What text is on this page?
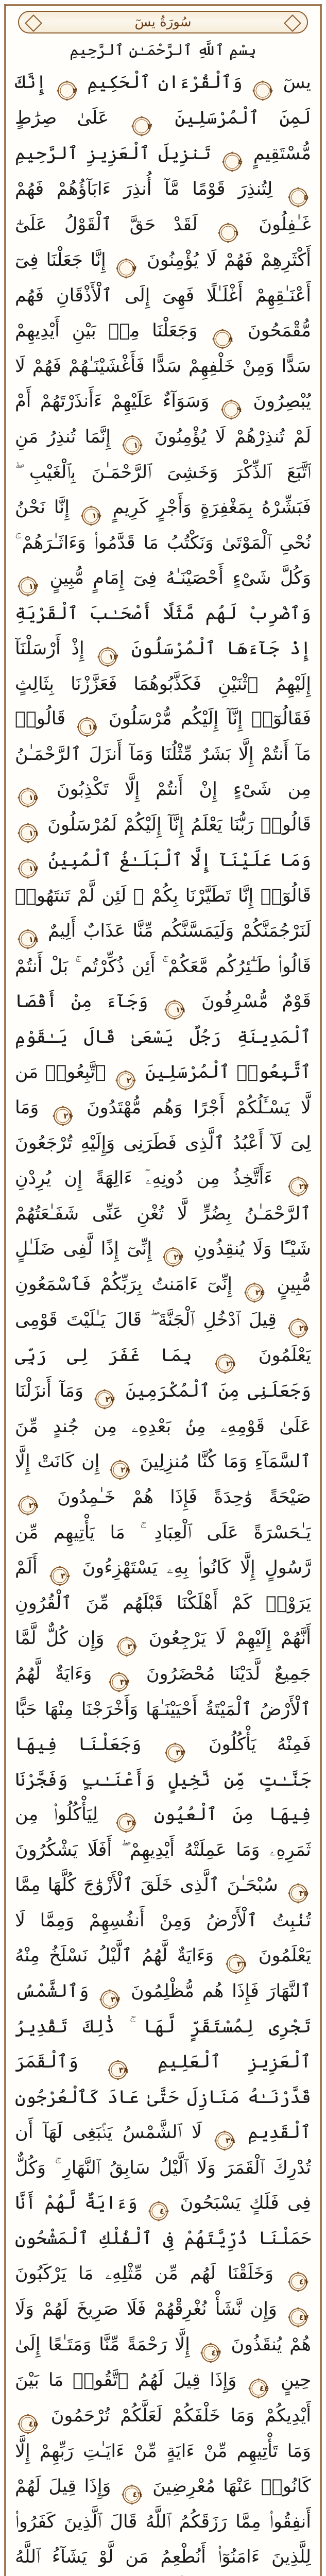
سُورَةُ يسٓ
بِسْمِ ٱللَّهِ ٱلرَّحْمَـٰنِ ٱلرَّحِيمِ
يسٓ
١ وَٱلْقُرْءَانِ ٱلْحَكِيمِ
٢ إِنَّكَ لَمِنَ ٱلْمُرْسَلِينَ
٣ عَلَىٰ صِرَٰطٍ مُّسْتَقِيمٍ
٤ تَنزِيلَ ٱلْعَزِيزِ ٱلرَّحِيمِ
٥ لِتُنذِرَ قَوْمًا مَّآ أُنذِرَ ءَابَآؤُهُمْ فَهُمْ غَـٰفِلُونَ
٦ لَقَدْ حَقَّ ٱلْقَوْلُ عَلَىٰٓ أَكْثَرِهِمْ فَهُمْ لَا يُؤْمِنُونَ
٧ إِنَّا جَعَلْنَا فِىٓ أَعْنَـٰقِهِمْ أَغْلَـٰلًا فَهِىَ إِلَى ٱلْأَذْقَانِ فَهُم مُّقْمَحُونَ
٨ وَجَعَلْنَا مِنۢ بَيْنِ أَيْدِيهِمْ سَدًّا وَمِنْ خَلْفِهِمْ سَدًّا فَأَغْشَيْنَـٰهُمْ فَهُمْ لَا يُبْصِرُونَ
٩ وَسَوَآءٌ عَلَيْهِمْ ءَأَنذَرْتَهُمْ أَمْ لَمْ تُنذِرْهُمْ لَا يُؤْمِنُونَ
١٠ إِنَّمَا تُنذِرُ مَنِ ٱتَّبَعَ ٱلذِّكْرَ وَخَشِىَ ٱلرَّحْمَـٰنَ بِٱلْغَيْبِ ۖ فَبَشِّرْهُ بِمَغْفِرَةٍ وَأَجْرٍ كَرِيمٍ
١١ إِنَّا نَحْنُ نُحْىِ ٱلْمَوْتَىٰ وَنَكْتُبُ مَا قَدَّمُوا۟ وَءَاثَـٰرَهُمْ ۚ وَكُلَّ شَىْءٍ أَحْصَيْنَـٰهُ فِىٓ إِمَامٍ مُّبِينٍ
١٢ وَٱضْرِبْ لَهُم مَّثَلًا أَصْحَـٰبَ ٱلْقَرْيَةِ إِذْ جَآءَهَا ٱلْمُرْسَلُونَ
١٣ إِذْ أَرْسَلْنَآ إِلَيْهِمُ ٱثْنَيْنِ فَكَذَّبُوهُمَا فَعَزَّزْنَا بِثَالِثٍ فَقَالُوٓا۟ إِنَّآ إِلَيْكُم مُّرْسَلُونَ
١٤ قَالُوا۟ مَآ أَنتُمْ إِلَّا بَشَرٌ مِّثْلُنَا وَمَآ أَنزَلَ ٱلرَّحْمَـٰنُ مِن شَىْءٍ إِنْ أَنتُمْ إِلَّا تَكْذِبُونَ
١٥ قَالُوا۟ رَبُّنَا يَعْلَمُ إِنَّآ إِلَيْكُمْ لَمُرْسَلُونَ
١٦ وَمَا عَلَيْنَآ إِلَّا ٱلْبَلَـٰغُ ٱلْمُبِينُ
١٧ قَالُوٓا۟ إِنَّا تَطَيَّرْنَا بِكُمْ ۖ لَئِن لَّمْ تَنتَهُوا۟ لَنَرْجُمَنَّكُمْ وَلَيَمَسَّنَّكُم مِّنَّا عَذَابٌ أَلِيمٌ
١٨ قَالُوا۟ طَـٰٓئِرُكُم مَّعَكُمْ ۚ أَئِن ذُكِّرْتُم ۚ بَلْ أَنتُمْ قَوْمٌ مُّسْرِفُونَ
١٩ وَجَآءَ مِنْ أَقْصَا ٱلْمَدِينَةِ رَجُلٌ يَسْعَىٰ قَالَ يَـٰقَوْمِ ٱتَّبِعُوا۟ ٱلْمُرْسَلِينَ
٢٠ ٱتَّبِعُوا۟ مَن لَّا يَسْـَٔلُكُمْ أَجْرًا وَهُم مُّهْتَدُونَ
٢١ وَمَا لِىَ لَآ أَعْبُدُ ٱلَّذِى فَطَرَنِى وَإِلَيْهِ تُرْجَعُونَ
٢٢ ءَأَتَّخِذُ مِن دُونِهِۦٓ ءَالِهَةً إِن يُرِدْنِ ٱلرَّحْمَـٰنُ بِضُرٍّ لَّا تُغْنِ عَنِّى شَفَـٰعَتُهُمْ شَيْـًٔا وَلَا يُنقِذُونِ
٢٣ إِنِّىٓ إِذًا لَّفِى ضَلَـٰلٍ مُّبِينٍ
٢٤ إِنِّىٓ ءَامَنتُ بِرَبِّكُمْ فَٱسْمَعُونِ
٢٥ قِيلَ ٱدْخُلِ ٱلْجَنَّةَ ۖ قَالَ يَـٰلَيْتَ قَوْمِى يَعْلَمُونَ
٢٦ بِمَا غَفَرَ لِى رَبِّى وَجَعَلَنِى مِنَ ٱلْمُكْرَمِينَ
٢٧ وَمَآ أَنزَلْنَا عَلَىٰ قَوْمِهِۦ مِنۢ بَعْدِهِۦ مِن جُندٍ مِّنَ ٱلسَّمَآءِ وَمَا كُنَّا مُنزِلِينَ
٢٨ إِن كَانَتْ إِلَّا صَيْحَةً وَٰحِدَةً فَإِذَا هُمْ خَـٰمِدُونَ
٢٩ يَـٰحَسْرَةً عَلَى ٱلْعِبَادِ ۚ مَا يَأْتِيهِم مِّن رَّسُولٍ إِلَّا كَانُوا۟ بِهِۦ يَسْتَهْزِءُونَ
٣٠ أَلَمْ يَرَوْا۟ كَمْ أَهْلَكْنَا قَبْلَهُم مِّنَ ٱلْقُرُونِ أَنَّهُمْ إِلَيْهِمْ لَا يَرْجِعُونَ
٣١ وَإِن كُلٌّ لَّمَّا جَمِيعٌ لَّدَيْنَا مُحْضَرُونَ
٣٢ وَءَايَةٌ لَّهُمُ ٱلْأَرْضُ ٱلْمَيْتَةُ أَحْيَيْنَـٰهَا وَأَخْرَجْنَا مِنْهَا حَبًّا فَمِنْهُ يَأْكُلُونَ
٣٣ وَجَعَلْنَا فِيهَا جَنَّـٰتٍ مِّن نَّخِيلٍ وَأَعْنَـٰبٍ وَفَجَّرْنَا فِيهَا مِنَ ٱلْعُيُونِ
٣٤ لِيَأْكُلُوا۟ مِن ثَمَرِهِۦ وَمَا عَمِلَتْهُ أَيْدِيهِمْ ۖ أَفَلَا يَشْكُرُونَ
٣٥ سُبْحَـٰنَ ٱلَّذِى خَلَقَ ٱلْأَزْوَٰجَ كُلَّهَا مِمَّا تُنۢبِتُ ٱلْأَرْضُ وَمِنْ أَنفُسِهِمْ وَمِمَّا لَا يَعْلَمُونَ
٣٦ وَءَايَةٌ لَّهُمُ ٱلَّيْلُ نَسْلَخُ مِنْهُ ٱلنَّهَارَ فَإِذَا هُم مُّظْلِمُونَ
٣٧ وَٱلشَّمْسُ تَجْرِى لِمُسْتَقَرٍّ لَّهَا ۚ ذَٰلِكَ تَقْدِيرُ ٱلْعَزِيزِ ٱلْعَلِيمِ
٣٨ وَٱلْقَمَرَ قَدَّرْنَـٰهُ مَنَازِلَ حَتَّىٰ عَادَ كَٱلْعُرْجُونِ ٱلْقَدِيمِ
٣٩ لَا ٱلشَّمْسُ يَنۢبَغِى لَهَآ أَن تُدْرِكَ ٱلْقَمَرَ وَلَا ٱلَّيْلُ سَابِقُ ٱلنَّهَارِ ۚ وَكُلٌّ فِى فَلَكٍ يَسْبَحُونَ
٤٠ وَءَايَةٌ لَّهُمْ أَنَّا حَمَلْنَا ذُرِّيَّتَهُمْ فِى ٱلْفُلْكِ ٱلْمَشْحُونِ
٤١ وَخَلَقْنَا لَهُم مِّن مِّثْلِهِۦ مَا يَرْكَبُونَ
٤٢ وَإِن نَّشَأْ نُغْرِقْهُمْ فَلَا صَرِيخَ لَهُمْ وَلَا هُمْ يُنقَذُونَ
٤٣ إِلَّا رَحْمَةً مِّنَّا وَمَتَـٰعًا إِلَىٰ حِينٍ
٤٤ وَإِذَا قِيلَ لَهُمُ ٱتَّقُوا۟ مَا بَيْنَ أَيْدِيكُمْ وَمَا خَلْفَكُمْ لَعَلَّكُمْ تُرْحَمُونَ
٤٥ وَمَا تَأْتِيهِم مِّنْ ءَايَةٍ مِّنْ ءَايَـٰتِ رَبِّهِمْ إِلَّا كَانُوا۟ عَنْهَا مُعْرِضِينَ
٤٦ وَإِذَا قِيلَ لَهُمْ أَنفِقُوا۟ مِمَّا رَزَقَكُمُ ٱللَّهُ قَالَ ٱلَّذِينَ كَفَرُوا۟ لِلَّذِينَ ءَامَنُوٓا۟ أَنُطْعِمُ مَن لَّوْ يَشَآءُ ٱللَّهُ
